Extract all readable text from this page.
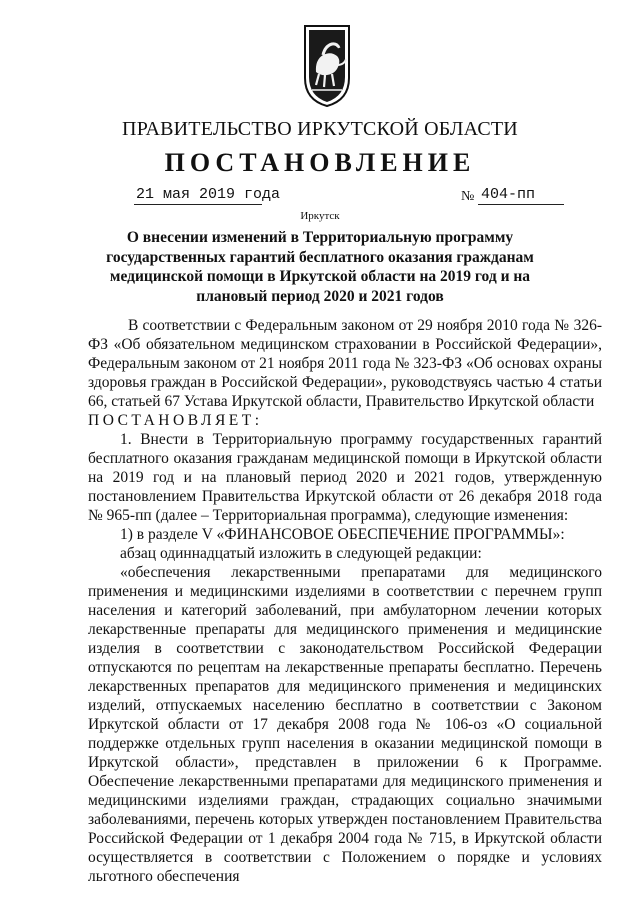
ПРАВИТЕЛЬСТВО ИРКУТСКОЙ ОБЛАСТИ
ПОСТАНОВЛЕНИЕ
21 мая 2019 года	№ 404-пп
Иркутск
О внесении изменений в Территориальную программу государственных гарантий бесплатного оказания гражданам медицинской помощи в Иркутской области на 2019 год и на плановый период 2020 и 2021 годов

В соответствии с Федеральным законом от 29 ноября 2010 года № 326-ФЗ «Об обязательном медицинском страховании в Российской Федерации», Федеральным законом от 21 ноября 2011 года № 323-ФЗ «Об основах охраны здоровья граждан в Российской Федерации», руководствуясь частью 4 статьи 66, статьей 67 Устава Иркутской области, Правительство Иркутской области

ПОСТАНОВЛЯЕТ:

1. Внести в Территориальную программу государственных гарантий бесплатного оказания гражданам медицинской помощи в Иркутской области на 2019 год и на плановый период 2020 и 2021 годов, утвержденную постановлением Правительства Иркутской области от 26 декабря 2018 года № 965-пп (далее – Территориальная программа), следующие изменения:

1) в разделе V «ФИНАНСОВОЕ ОБЕСПЕЧЕНИЕ ПРОГРАММЫ»:

абзац одиннадцатый изложить в следующей редакции:

«обеспечения лекарственными препаратами для медицинского применения и медицинскими изделиями в соответствии с перечнем групп населения и категорий заболеваний, при амбулаторном лечении которых лекарственные препараты для медицинского применения и медицинские изделия в соответствии с законодательством Российской Федерации отпускаются по рецептам на лекарственные препараты бесплатно. Перечень лекарственных препаратов для медицинского применения и медицинских изделий, отпускаемых населению бесплатно в соответствии с Законом Иркутской области от 17 декабря 2008 года № 106-оз «О социальной поддержке отдельных групп населения в оказании медицинской помощи в Иркутской области», представлен в приложении 6 к Программе. Обеспечение лекарственными препаратами для медицинского применения и медицинскими изделиями граждан, страдающих социально значимыми заболеваниями, перечень которых утвержден постановлением Правительства Российской Федерации от 1 декабря 2004 года № 715, в Иркутской области осуществляется в соответствии с Положением о порядке и условиях льготного обеспечения
